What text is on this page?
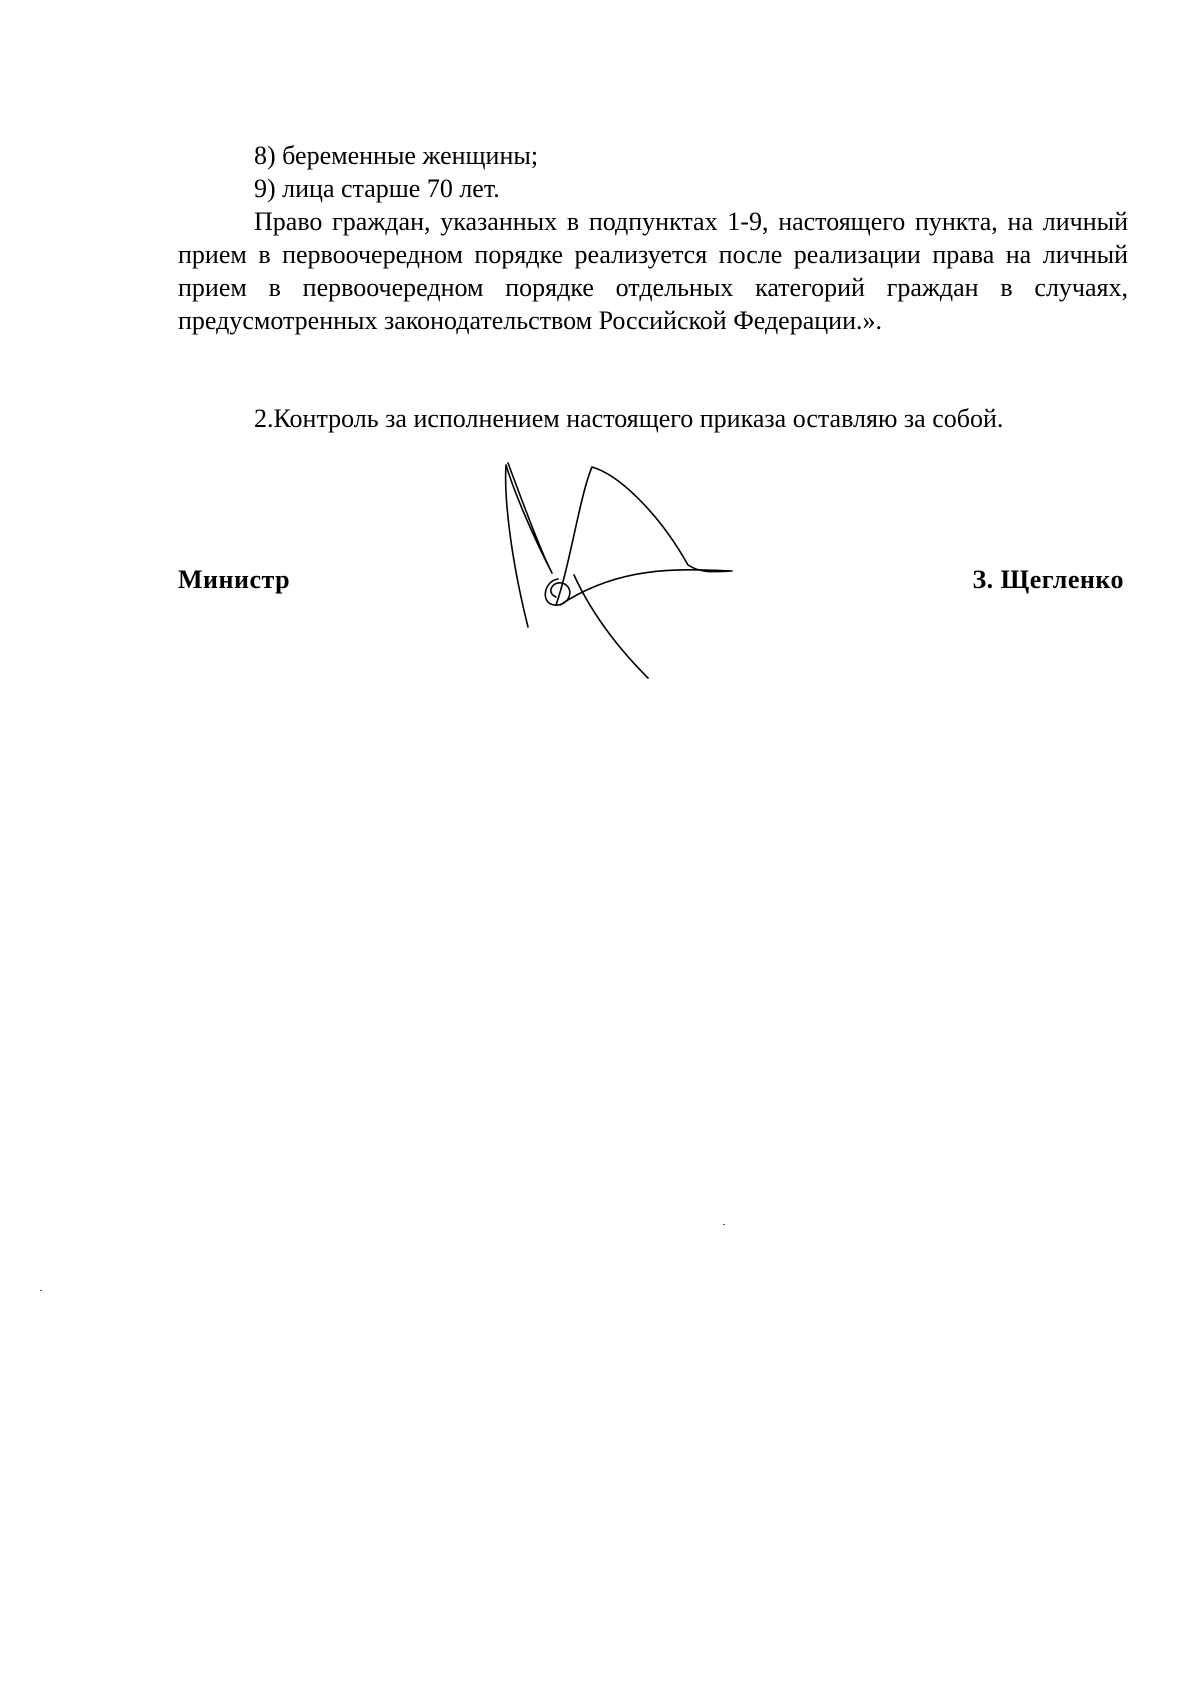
8) беременные женщины;
9) лица старше 70 лет.
Право граждан, указанных в подпунктах 1-9, настоящего пункта, на личный прием в первоочередном порядке реализуется после реализации права на личный прием в первоочередном порядке отдельных категорий граждан в случаях, предусмотренных законодательством Российской Федерации.».
2.Контроль за исполнением настоящего приказа оставляю за собой.
Министр	З. Щегленко
